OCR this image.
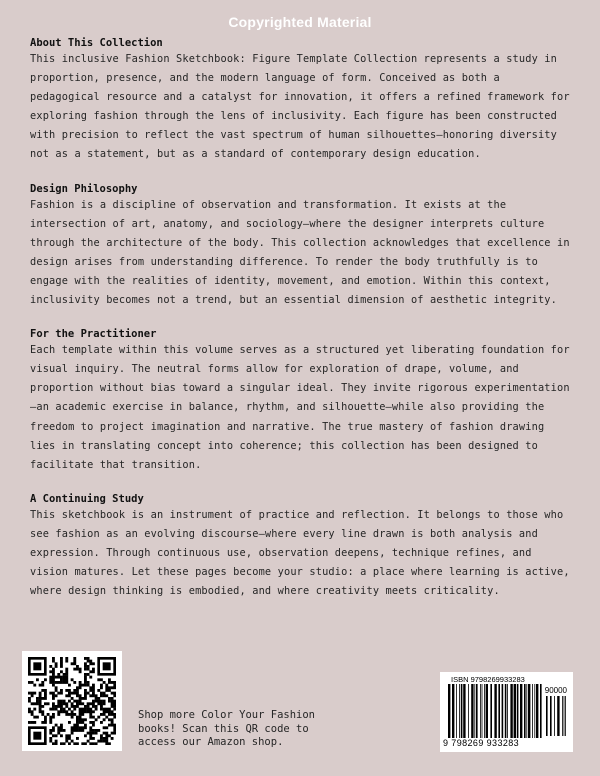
Copyrighted Material
About This Collection

This inclusive Fashion Sketchbook: Figure Template Collection represents a study in proportion, presence, and the modern language of form. Conceived as both a pedagogical resource and a catalyst for innovation, it offers a refined framework for exploring fashion through the lens of inclusivity. Each figure has been constructed with precision to reflect the vast spectrum of human silhouettes—honoring diversity not as a statement, but as a standard of contemporary design education.

Design Philosophy

Fashion is a discipline of observation and transformation. It exists at the intersection of art, anatomy, and sociology—where the designer interprets culture through the architecture of the body. This collection acknowledges that excellence in design arises from understanding difference. To render the body truthfully is to engage with the realities of identity, movement, and emotion. Within this context, inclusivity becomes not a trend, but an essential dimension of aesthetic integrity.

For the Practitioner

Each template within this volume serves as a structured yet liberating foundation for visual inquiry. The neutral forms allow for exploration of drape, volume, and proportion without bias toward a singular ideal. They invite rigorous experimentation—an academic exercise in balance, rhythm, and silhouette—while also providing the freedom to project imagination and narrative. The true mastery of fashion drawing lies in translating concept into coherence; this collection has been designed to facilitate that transition.

A Continuing Study

This sketchbook is an instrument of practice and reflection. It belongs to those who see fashion as an evolving discourse—where every line drawn is both analysis and expression. Through continuous use, observation deepens, technique refines, and vision matures. Let these pages become your studio: a place where learning is active, where design thinking is embodied, and where creativity meets criticality.

Shop more Color Your Fashion books! Scan this QR code to access our Amazon shop.
ISBN 9798269933283
90000
9 798269 933283
